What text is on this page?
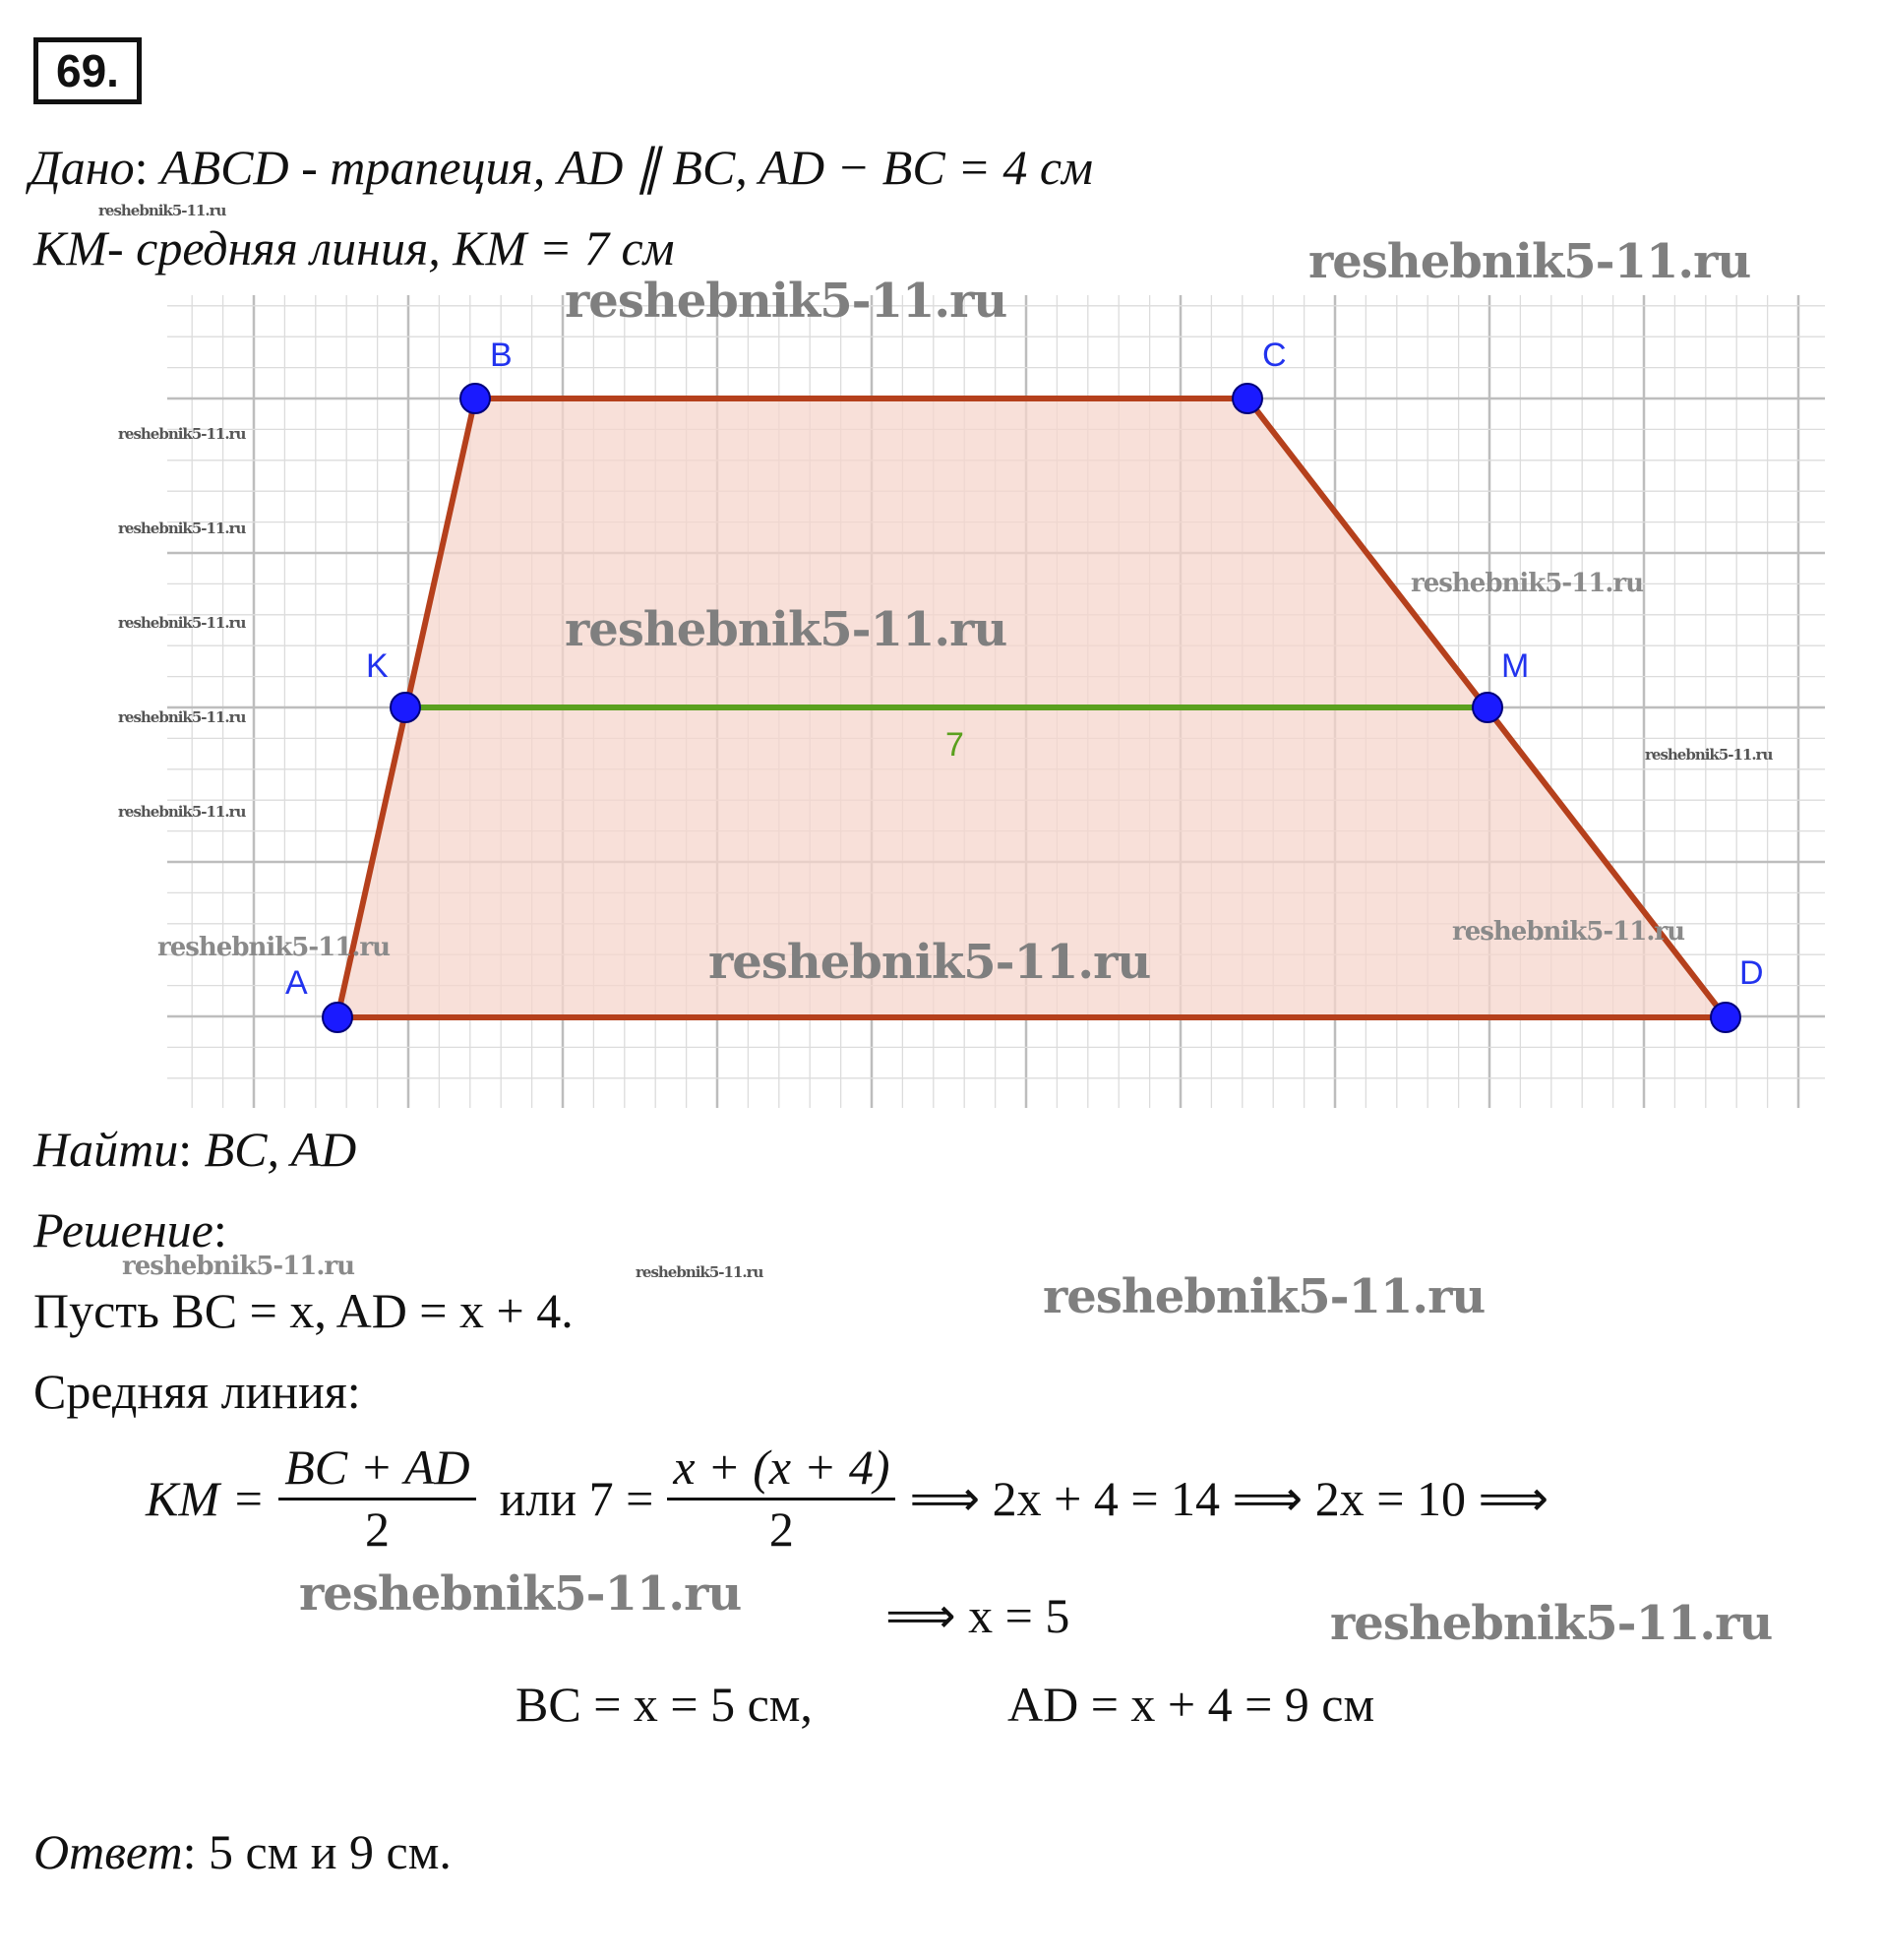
69.
Дано: ABCD - трапеция, AD ∥ BC, AD − BC = 4 см
KM- средняя линия, KM = 7 см
7
A
B	C
D
K	M
reshebnik5-11.ru
reshebnik5-11.ru
reshebnik5-11.ru
reshebnik5-11.ru
reshebnik5-11.ru
reshebnik5-11.ru
reshebnik5-11.ru
reshebnik5-11.ru
reshebnik5-11.ru
reshebnik5-11.ru
reshebnik5-11.ru
reshebnik5-11.ru
reshebnik5-11.ru	reshebnik5-11.ru
Найти: BC, AD
Решение:
reshebnik5-11.ru	reshebnik5-11.ru
Пусть BC = x, AD = x + 4.	reshebnik5-11.ru
Средняя линия:
KM = $\frac{BC + AD}{2}$ или $7 = \frac{x + (x + 4)}{2}$ ⟹ 2x + 4 = 14 ⟹ 2x = 10 ⟹
reshebnik5-11.ru	⟹ x = 5	reshebnik5-11.ru
BC = x = 5 см,	AD = x + 4 = 9 см
Ответ: 5 см и 9 см.
